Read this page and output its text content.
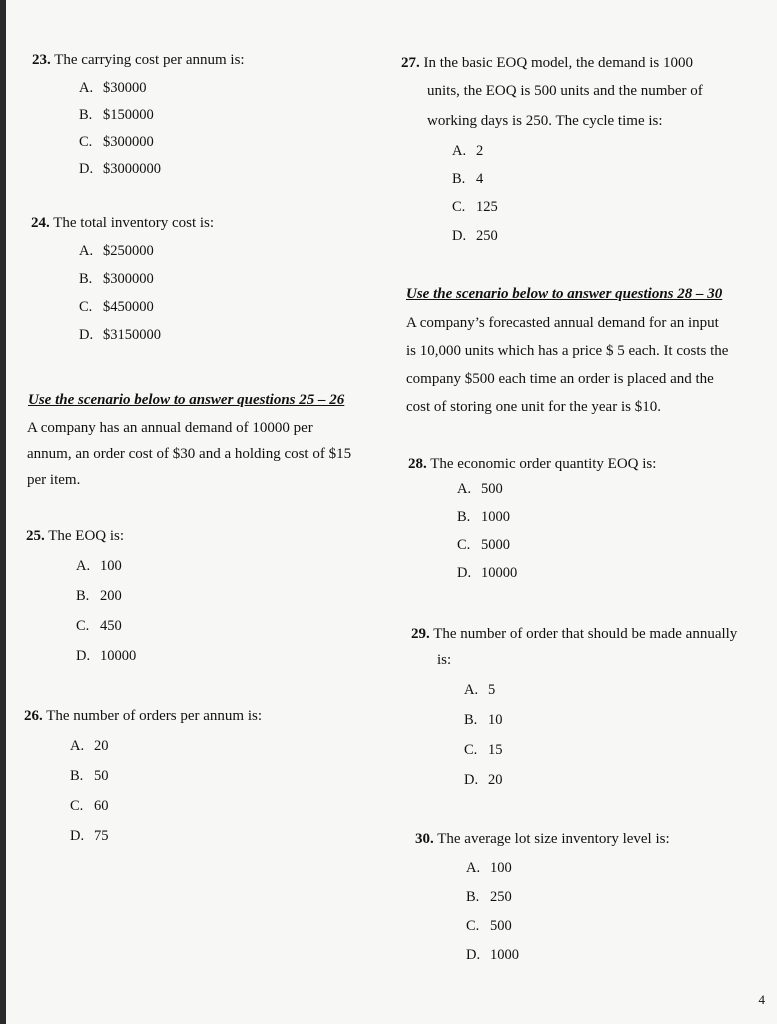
23. The carrying cost per annum is:
A. $30000
B. $150000
C. $300000
D. $3000000
24. The total inventory cost is:
A. $250000
B. $300000
C. $450000
D. $3150000
Use the scenario below to answer questions 25 – 26
A company has an annual demand of 10000 per
annum, an order cost of $30 and a holding cost of $15
per item.
25. The EOQ is:
A. 100
B. 200
C. 450
D. 10000
26. The number of orders per annum is:
A. 20
B. 50
C. 60
D. 75
27. In the basic EOQ model, the demand is 1000
units, the EOQ is 500 units and the number of
working days is 250. The cycle time is:
A. 2
B. 4
C. 125
D. 250
Use the scenario below to answer questions 28 – 30
A company’s forecasted annual demand for an input
is 10,000 units which has a price $ 5 each. It costs the
company $500 each time an order is placed and the
cost of storing one unit for the year is $10.
28. The economic order quantity EOQ is:
A. 500
B. 1000
C. 5000
D. 10000
29. The number of order that should be made annually
is:
A. 5
B. 10
C. 15
D. 20
30. The average lot size inventory level is:
A. 100
B. 250
C. 500
D. 1000
4
